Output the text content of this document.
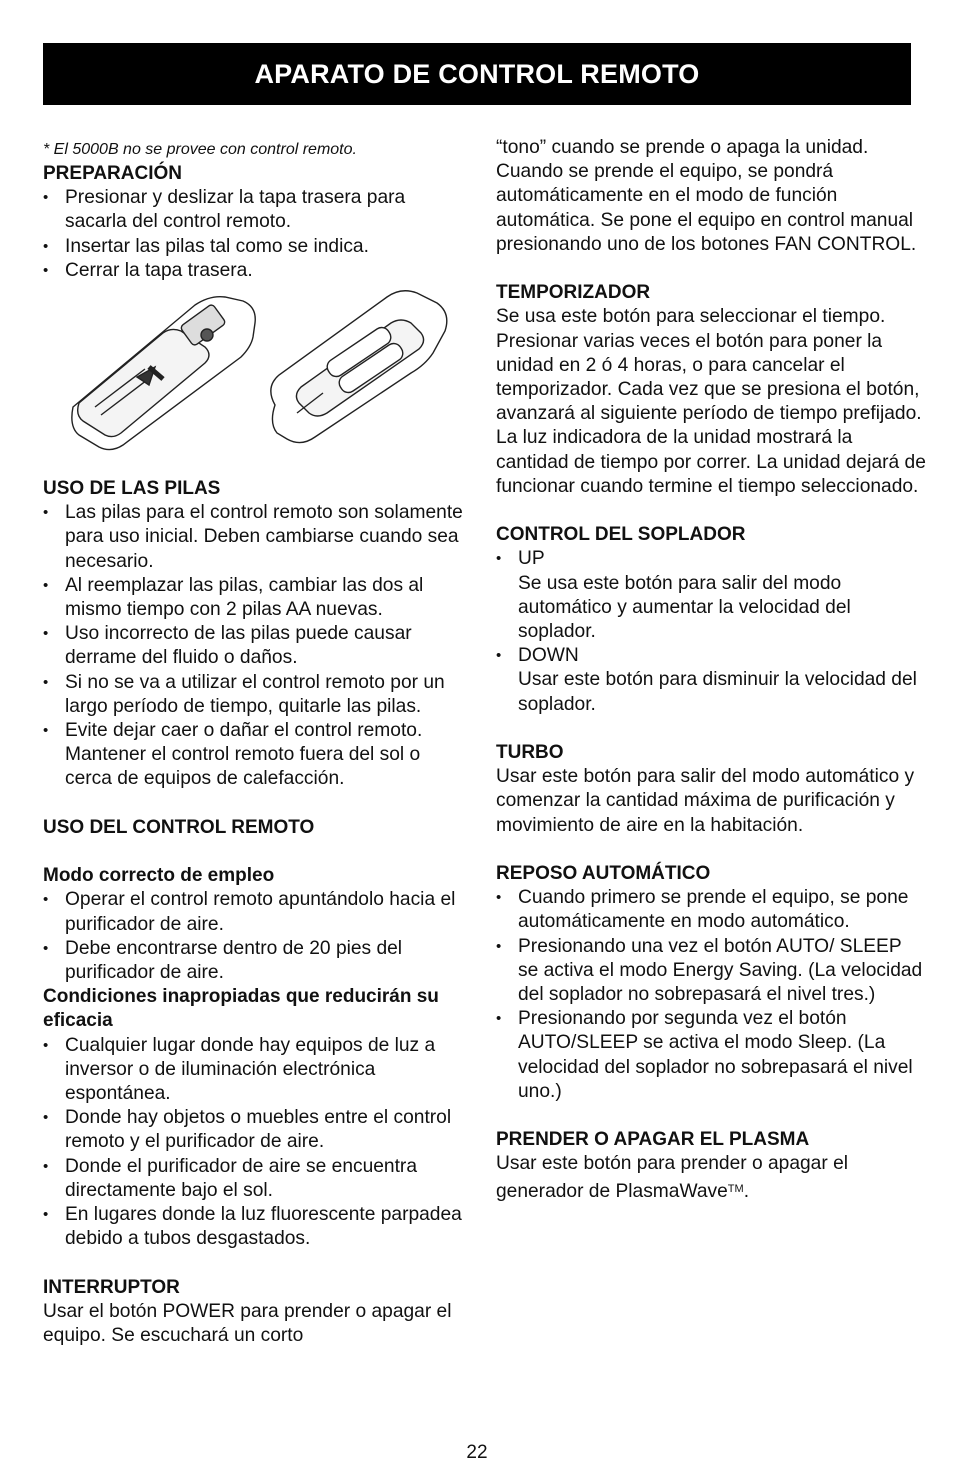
APARATO DE CONTROL REMOTO
* El 5000B no se provee con control remoto.
PREPARACIÓN
• Presionar y deslizar la tapa trasera para sacarla del control remoto.
• Insertar las pilas tal como se indica.
• Cerrar la tapa trasera.
USO DE LAS PILAS
• Las pilas para el control remoto son solamente para uso inicial. Deben cambiarse cuando sea necesario.
• Al reemplazar las pilas, cambiar las dos al mismo tiempo con 2 pilas AA nuevas.
• Uso incorrecto de las pilas puede causar derrame del fluido o daños.
• Si no se va a utilizar el control remoto por un largo período de tiempo, quitarle las pilas.
• Evite dejar caer o dañar el control remoto. Mantener el control remoto fuera del sol o cerca de equipos de calefacción.
USO DEL CONTROL REMOTO
Modo correcto de empleo
• Operar el control remoto apuntándolo hacia el purificador de aire.
• Debe encontrarse dentro de 20 pies del purificador de aire.
Condiciones inapropiadas que reducirán su eficacia
• Cualquier lugar donde hay equipos de luz a inversor o de iluminación electrónica espontánea.
• Donde hay objetos o muebles entre el control remoto y el purificador de aire.
• Donde el purificador de aire se encuentra directamente bajo el sol.
• En lugares donde la luz fluorescente parpadea debido a tubos desgastados.
INTERRUPTOR

Usar el botón POWER para prender o apagar el equipo. Se escuchará un corto

“tono” cuando se prende o apaga la unidad. Cuando se prende el equipo, se pondrá automáticamente en el modo de función automática. Se pone el equipo en control manual presionando uno de los botones FAN CONTROL.

TEMPORIZADOR

Se usa este botón para seleccionar el tiempo. Presionar varias veces el botón para poner la unidad en 2 ó 4 horas, o para cancelar el temporizador. Cada vez que se presiona el botón, avanzará al siguiente período de tiempo prefijado. La luz indicadora de la unidad mostrará la cantidad de tiempo por correr. La unidad dejará de funcionar cuando termine el tiempo seleccionado.

CONTROL DEL SOPLADOR
• UP
Se usa este botón para salir del modo automático y aumentar la velocidad del soplador.
• DOWN
Usar este botón para disminuir la velocidad del soplador.
TURBO

Usar este botón para salir del modo automático y comenzar la cantidad máxima de purificación y movimiento de aire en la habitación.

REPOSO AUTOMÁTICO
• Cuando primero se prende el equipo, se pone automáticamente en modo automático.
• Presionando una vez el botón AUTO/ SLEEP se activa el modo Energy Saving. (La velocidad del soplador no sobrepasará el nivel tres.)
• Presionando por segunda vez el botón AUTO/SLEEP se activa el modo Sleep. (La velocidad del soplador no sobrepasará el nivel uno.)
PRENDER O APAGAR EL PLASMA

Usar este botón para prender o apagar el generador de PlasmaWave™.

22
